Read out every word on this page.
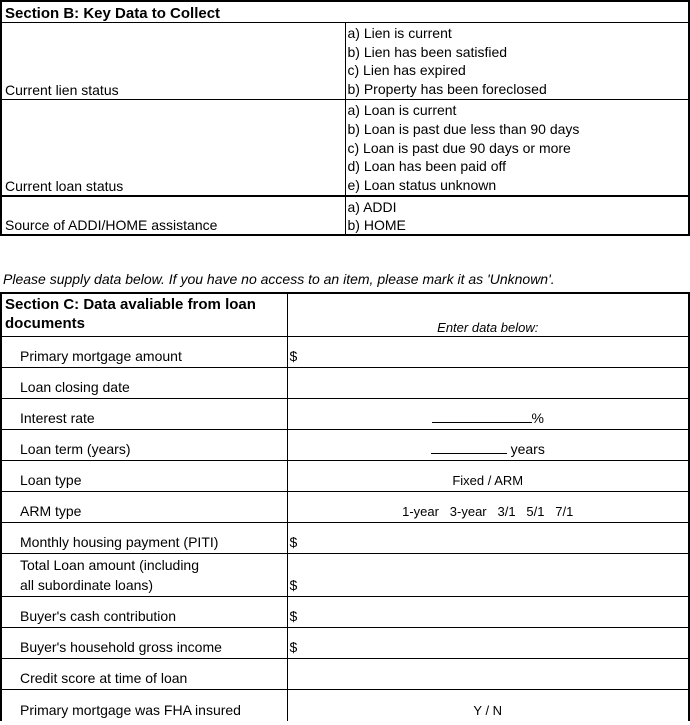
Section B: Key Data to Collect	
Current lien status	a) Lien is current
b) Lien has been satisfied
c) Lien has expired
b) Property has been foreclosed

Current loan status	a) Loan is current
b) Loan is past due less than 90 days
c) Loan is past due 90 days or more
d) Loan has been paid off
e) Loan status unknown

Source of ADDI/HOME assistance	a) ADDI
b) HOME
Please supply data below. If you have no access to an item, please mark it as 'Unknown'.
Section C: Data avaliable from loan
documents	Enter data below:
Primary mortgage amount	$
Loan closing date	
Interest rate	%
Loan term (years)	years
Loan type	Fixed / ARM
ARM type	1-year   3-year   3/1   5/1   7/1
Monthly housing payment (PITI)	$

Total Loan amount (including
all subordinate loans)	$
Buyer's cash contribution	$
Buyer's household gross income	$
Credit score at time of loan	
Primary mortgage was FHA insured	Y / N
